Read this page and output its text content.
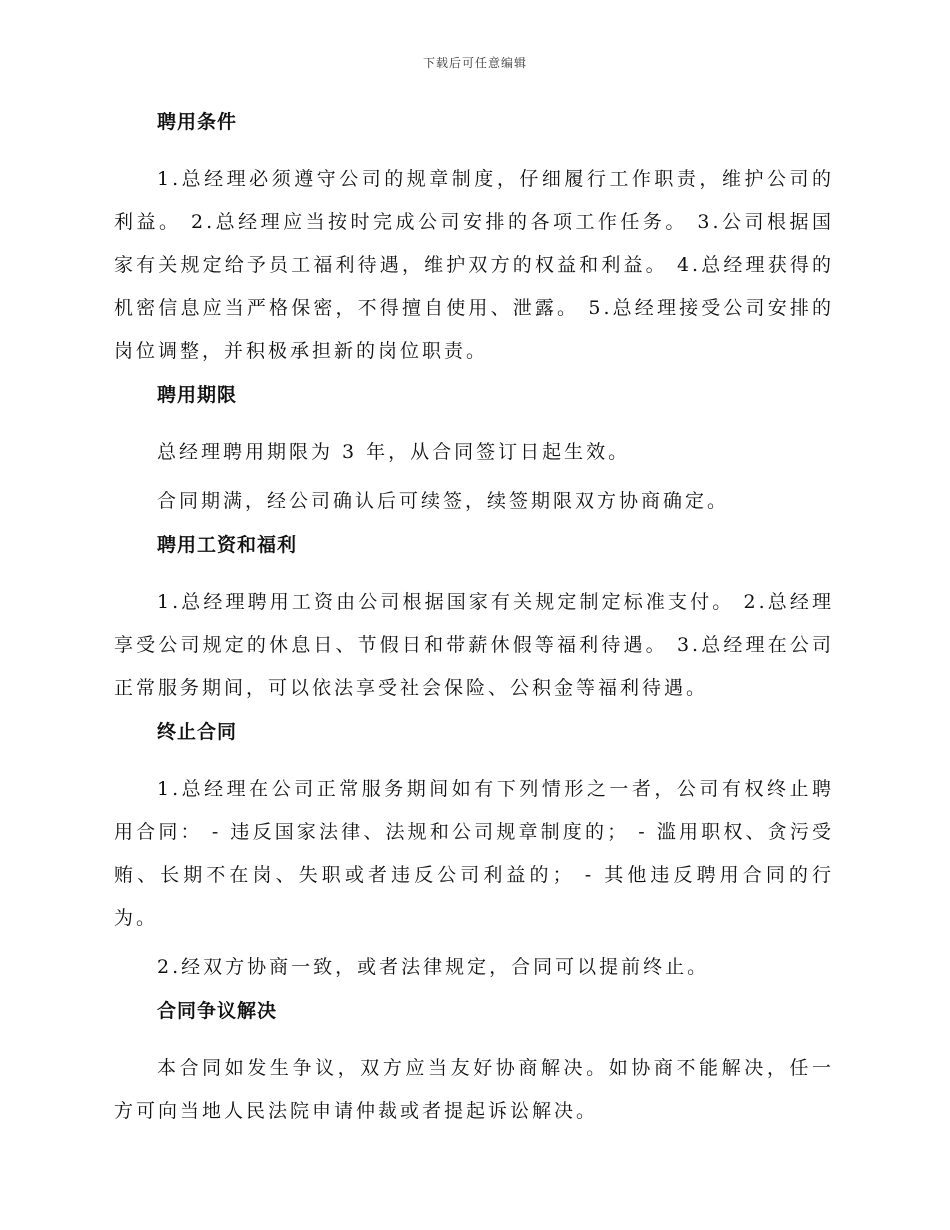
下载后可任意编辑
聘用条件

1.总经理必须遵守公司的规章制度，仔细履行工作职责，维护公司的利益。 2.总经理应当按时完成公司安排的各项工作任务。 3.公司根据国家有关规定给予员工福利待遇，维护双方的权益和利益。 4.总经理获得的机密信息应当严格保密，不得擅自使用、泄露。 5.总经理接受公司安排的岗位调整，并积极承担新的岗位职责。

聘用期限

总经理聘用期限为 3 年，从合同签订日起生效。

合同期满，经公司确认后可续签，续签期限双方协商确定。

聘用工资和福利

1.总经理聘用工资由公司根据国家有关规定制定标准支付。 2.总经理享受公司规定的休息日、节假日和带薪休假等福利待遇。 3.总经理在公司正常服务期间，可以依法享受社会保险、公积金等福利待遇。

终止合同

1.总经理在公司正常服务期间如有下列情形之一者，公司有权终止聘用合同： - 违反国家法律、法规和公司规章制度的； - 滥用职权、贪污受贿、长期不在岗、失职或者违反公司利益的； - 其他违反聘用合同的行为。

2.经双方协商一致，或者法律规定，合同可以提前终止。

合同争议解决

本合同如发生争议，双方应当友好协商解决。如协商不能解决，任一方可向当地人民法院申请仲裁或者提起诉讼解决。
